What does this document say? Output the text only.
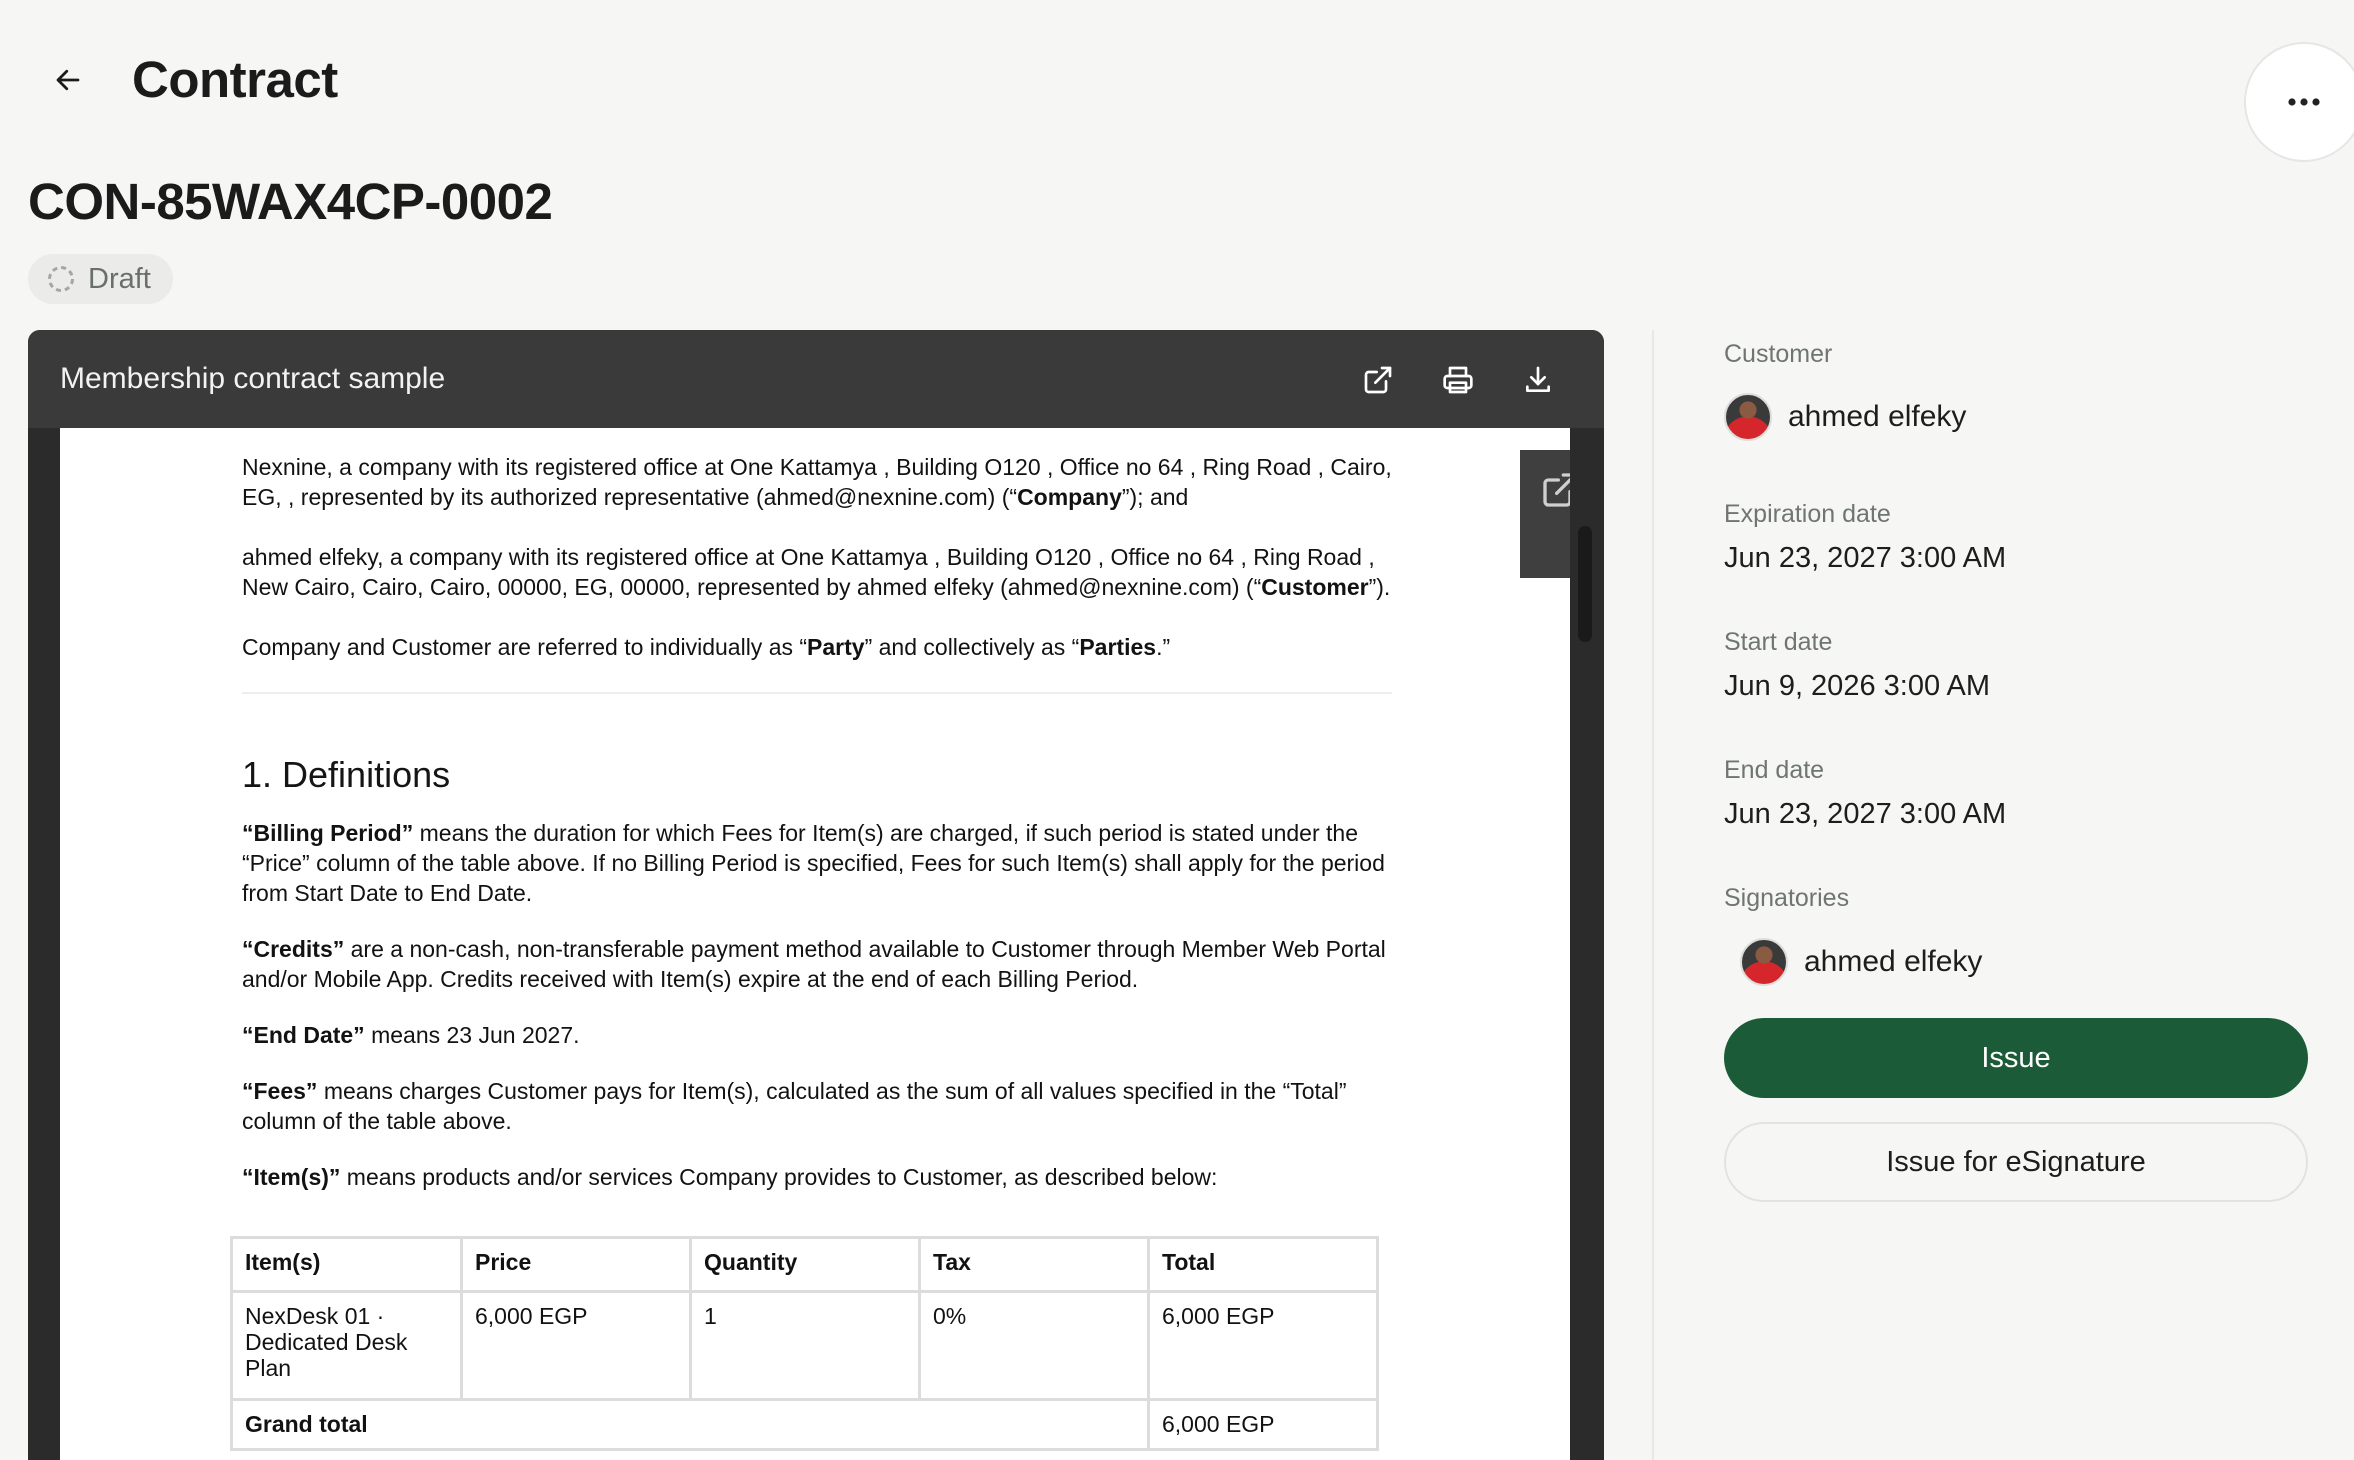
Contract
CON-85WAX4CP-0002
Draft
Membership contract sample

Nexnine, a company with its registered office at One Kattamya , Building O120 , Office no 64 , Ring Road , Cairo,
EG, , represented by its authorized representative (ahmed@nexnine.com) (“Company”); and

ahmed elfeky, a company with its registered office at One Kattamya , Building O120 , Office no 64 , Ring Road ,
New Cairo, Cairo, Cairo, 00000, EG, 00000, represented by ahmed elfeky (ahmed@nexnine.com) (“Customer”).

Company and Customer are referred to individually as “Party” and collectively as “Parties.”

1. Definitions

“Billing Period” means the duration for which Fees for Item(s) are charged, if such period is stated under the
“Price” column of the table above. If no Billing Period is specified, Fees for such Item(s) shall apply for the period
from Start Date to End Date.

“Credits” are a non-cash, non-transferable payment method available to Customer through Member Web Portal
and/or Mobile App. Credits received with Item(s) expire at the end of each Billing Period.

“End Date” means 23 Jun 2027.

“Fees” means charges Customer pays for Item(s), calculated as the sum of all values specified in the “Total”
column of the table above.

“Item(s)” means products and/or services Company provides to Customer, as described below:

Item(s)	Price	Quantity	Tax	Total
NexDesk 01 ·
Dedicated Desk
Plan	6,000 EGP	1	0%	6,000 EGP
Grand total				6,000 EGP
Customer
ahmed elfeky
Expiration date
Jun 23, 2027 3:00 AM
Start date
Jun 9, 2026 3:00 AM
End date
Jun 23, 2027 3:00 AM
Signatories
ahmed elfeky
Issue
Issue for eSignature
